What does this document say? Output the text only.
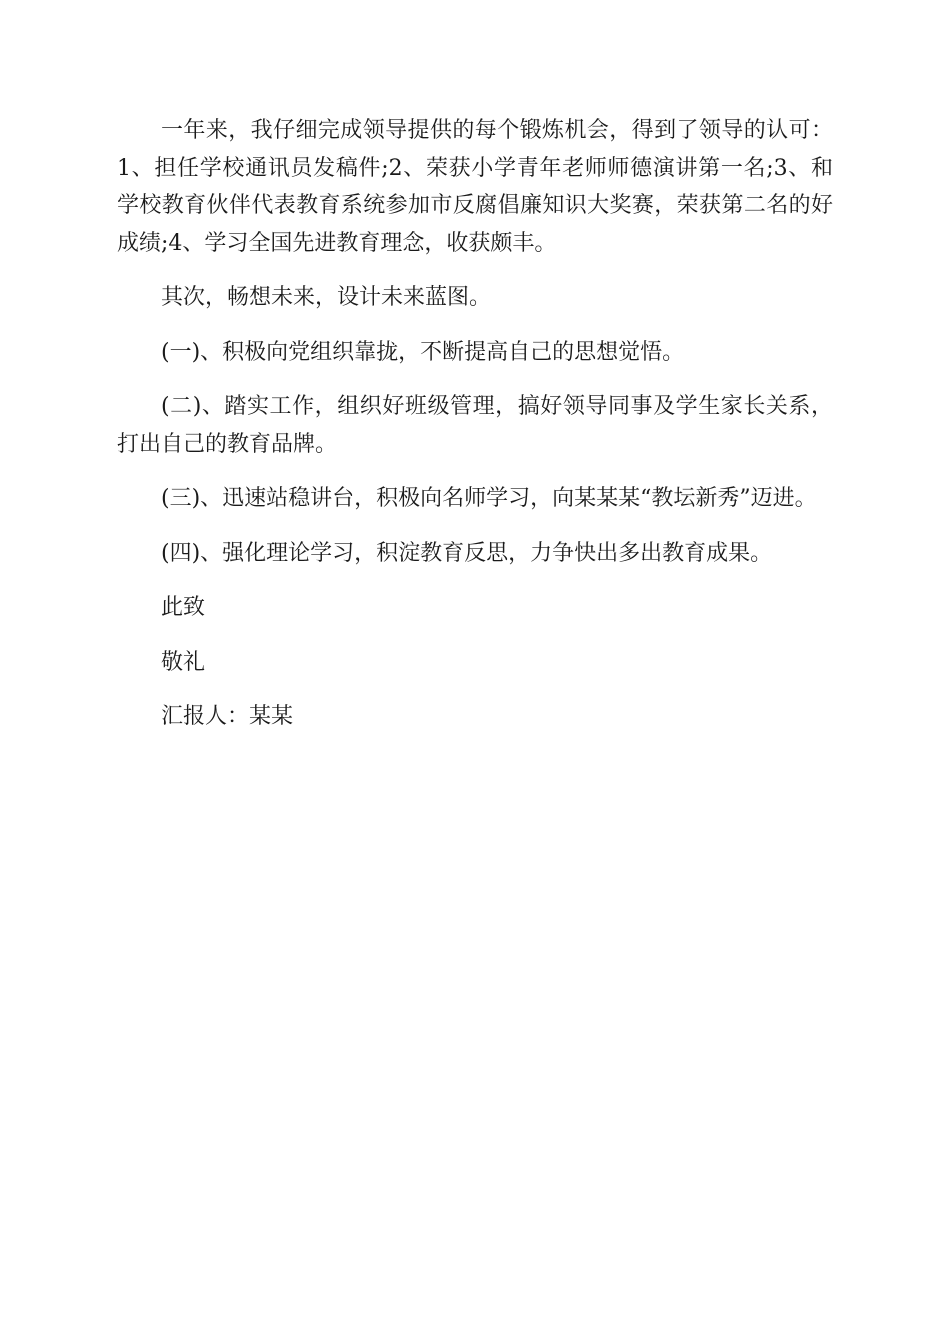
一年来，我仔细完成领导提供的每个锻炼机会，得到了领导的认可：1、担任学校通讯员发稿件;2、荣获小学青年老师师德演讲第一名;3、和学校教育伙伴代表教育系统参加市反腐倡廉知识大奖赛，荣获第二名的好成绩;4、学习全国先进教育理念，收获颇丰。

其次，畅想未来，设计未来蓝图。

(一)、积极向党组织靠拢，不断提高自己的思想觉悟。

(二)、踏实工作，组织好班级管理，搞好领导同事及学生家长关系，打出自己的教育品牌。

(三)、迅速站稳讲台，积极向名师学习，向某某某“教坛新秀”迈进。

(四)、强化理论学习，积淀教育反思，力争快出多出教育成果。

此致

敬礼

汇报人：某某
